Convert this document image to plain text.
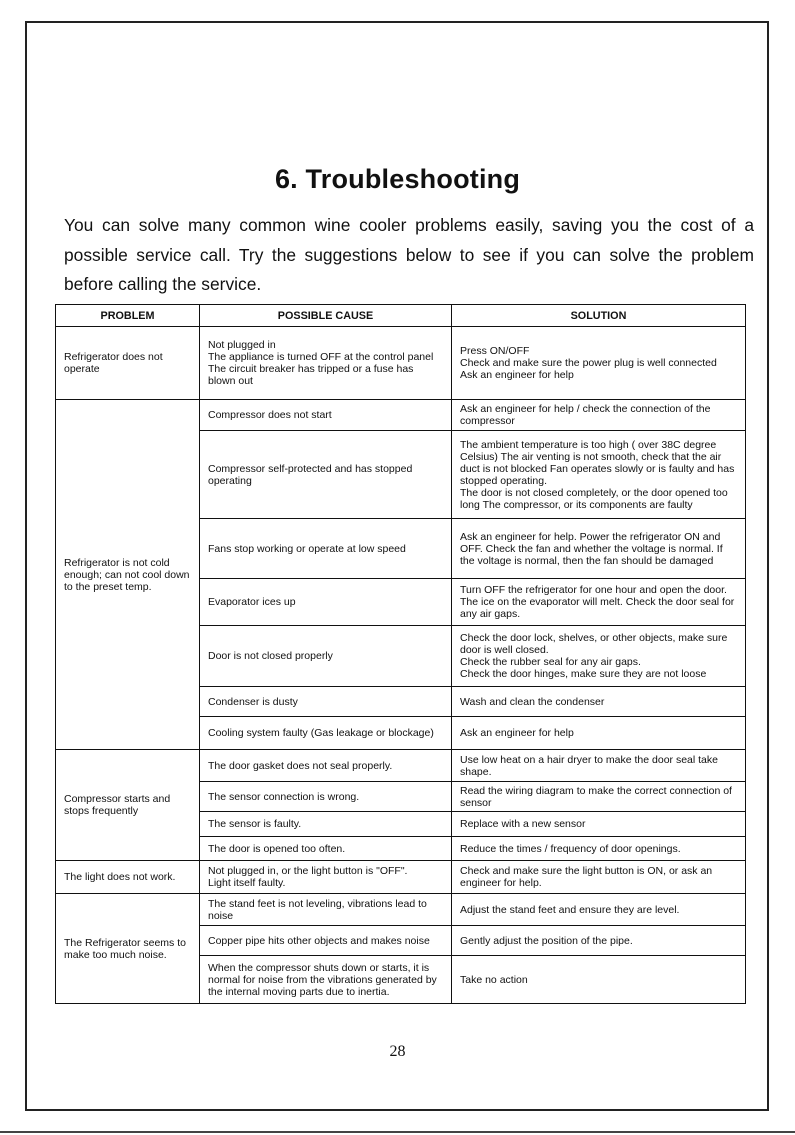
6. Troubleshooting

You can solve many common wine cooler problems easily, saving you the cost of a possible service call. Try the suggestions below to see if you can solve the problem before calling the service.

PROBLEM	POSSIBLE CAUSE	SOLUTION
Refrigerator does not operate	Not plugged in
The appliance is turned OFF at the control panel
The circuit breaker has tripped or a fuse has blown out	Press ON/OFF
Check and make sure the power plug is well connected
Ask an engineer for help

Refrigerator is not cold enough; can not cool down to the preset temp.	Compressor does not start	Ask an engineer for help / check the connection of the compressor
	Compressor self-protected and has stopped operating	The ambient temperature is too high ( over 38C degree Celsius) The air venting is not smooth, check that the air duct is not blocked Fan operates slowly or is faulty and has stopped operating.
The door is not closed completely, or the door opened too long The compressor, or its components are faulty

	Fans stop working or operate at low speed	Ask an engineer for help. Power the refrigerator ON and OFF. Check the fan and whether the voltage is normal. If the voltage is normal, then the fan should be damaged
	Evaporator ices up	Turn OFF the refrigerator for one hour and open the door. The ice on the evaporator will melt. Check the door seal for any air gaps.
	Door is not closed properly	Check the door lock, shelves, or other objects, make sure door is well closed.
Check the rubber seal for any air gaps.
Check the door hinges, make sure they are not loose

	Condenser is dusty	Wash and clean the condenser
	Cooling system faulty (Gas leakage or blockage)	Ask an engineer for help
Compressor starts and stops frequently	The door gasket does not seal properly.	Use low heat on a hair dryer to make the door seal take shape.
	The sensor connection is wrong.	Read the wiring diagram to make the correct connection of sensor
	The sensor is faulty.	Replace with a new sensor
	The door is opened too often.	Reduce the times / frequency of door openings.
The light does not work.	Not plugged in, or the light button is "OFF".
Light itself faulty.	Check and make sure the light button is ON, or ask an engineer for help.
The Refrigerator seems to make too much noise.	The stand feet is not leveling, vibrations lead to noise	Adjust the stand feet and ensure they are level.
	Copper pipe hits other objects and makes noise	Gently adjust the position of the pipe.
	When the compressor shuts down or starts, it is normal for noise from the vibrations generated by the internal moving parts due to inertia.	Take no action
28
